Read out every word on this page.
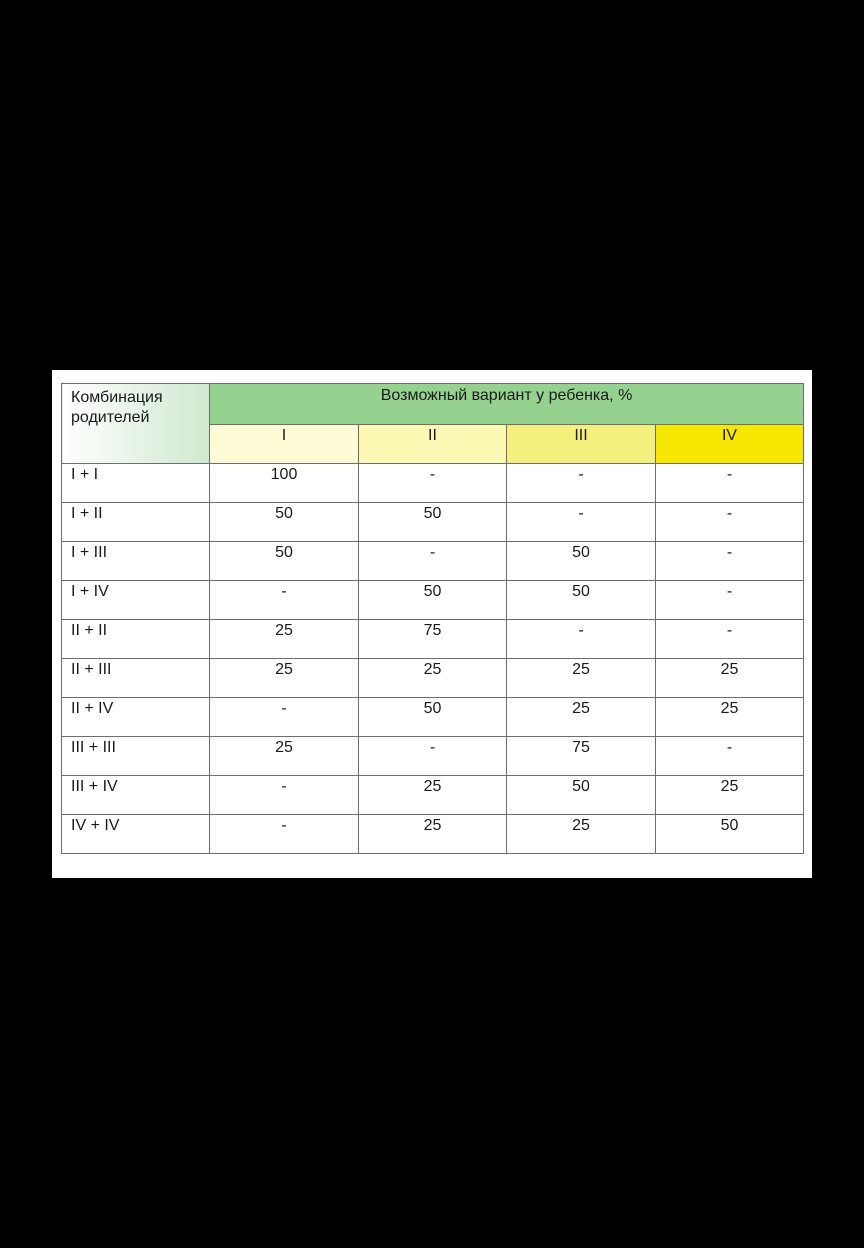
Комбинация родителей	Возможный вариант у ребенка, %			
	I	II	III	IV
I + I	100	-	-	-
I + II	50	50	-	-
I + III	50	-	50	-
I + IV	-	50	50	-
II + II	25	75	-	-
II + III	25	25	25	25
II + IV	-	50	25	25
III + III	25	-	75	-
III + IV	-	25	50	25
IV + IV	-	25	25	50
